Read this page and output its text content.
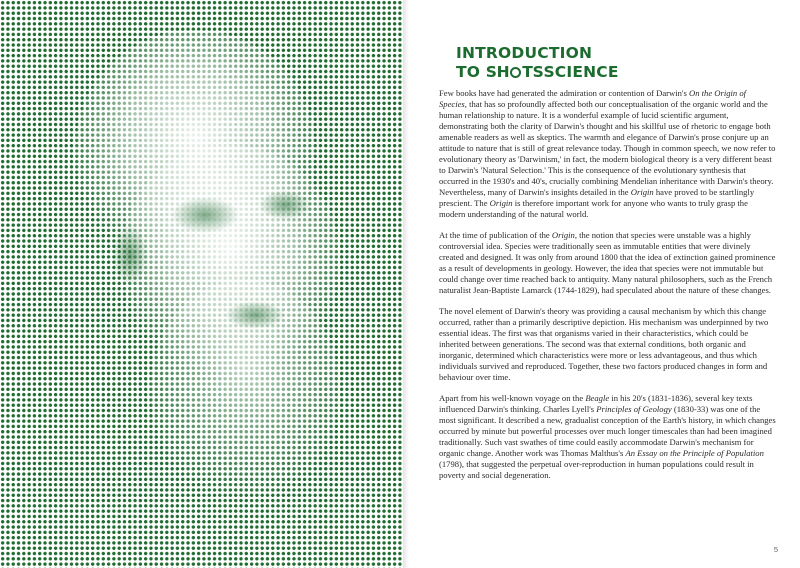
INTRODUCTION
TO SH TSSCIENCE

Few books have had generated the admiration or contention of Darwin's On the Origin of Species, that has so profoundly affected both our conceptualisation of the organic world and the human relationship to nature. It is a wonderful example of lucid scientific argument, demonstrating both the clarity of Darwin's thought and his skillful use of rhetoric to engage both amenable readers as well as skeptics. The warmth and elegance of Darwin's prose conjure up an attitude to nature that is still of great relevance today. Though in common speech, we now refer to evolutionary theory as 'Darwinism,' in fact, the modern biological theory is a very different beast to Darwin's 'Natural Selection.' This is the consequence of the evolutionary synthesis that occurred in the 1930's and 40's, crucially combining Mendelian inheritance with Darwin's theory. Nevertheless, many of Darwin's insights detailed in the Origin have proved to be startlingly prescient. The Origin is therefore important work for anyone who wants to truly grasp the modern understanding of the natural world.

At the time of publication of the Origin, the notion that species were unstable was a highly controversial idea. Species were traditionally seen as immutable entities that were divinely created and designed. It was only from around 1800 that the idea of extinction gained prominence as a result of developments in geology. However, the idea that species were not immutable but could change over time reached back to antiquity. Many natural philosophers, such as the French naturalist Jean-Baptiste Lamarck (1744-1829), had speculated about the nature of these changes.

The novel element of Darwin's theory was providing a causal mechanism by which this change occurred, rather than a primarily descriptive depiction. His mechanism was underpinned by two essential ideas. The first was that organisms varied in their characteristics, which could be inherited between generations. The second was that external conditions, both organic and inorganic, determined which characteristics were more or less advantageous, and thus which individuals survived and reproduced. Together, these two factors produced changes in form and behaviour over time.

Apart from his well-known voyage on the Beagle in his 20's (1831-1836), several key texts influenced Darwin's thinking. Charles Lyell's Principles of Geology (1830-33) was one of the most significant. It described a new, gradualist conception of the Earth's history, in which changes occurred by minute but powerful processes over much longer timescales than had been imagined traditionally. Such vast swathes of time could easily accommodate Darwin's mechanism for organic change. Another work was Thomas Malthus's An Essay on the Principle of Population (1798), that suggested the perpetual over-reproduction in human populations could result in poverty and social degeneration.

5
